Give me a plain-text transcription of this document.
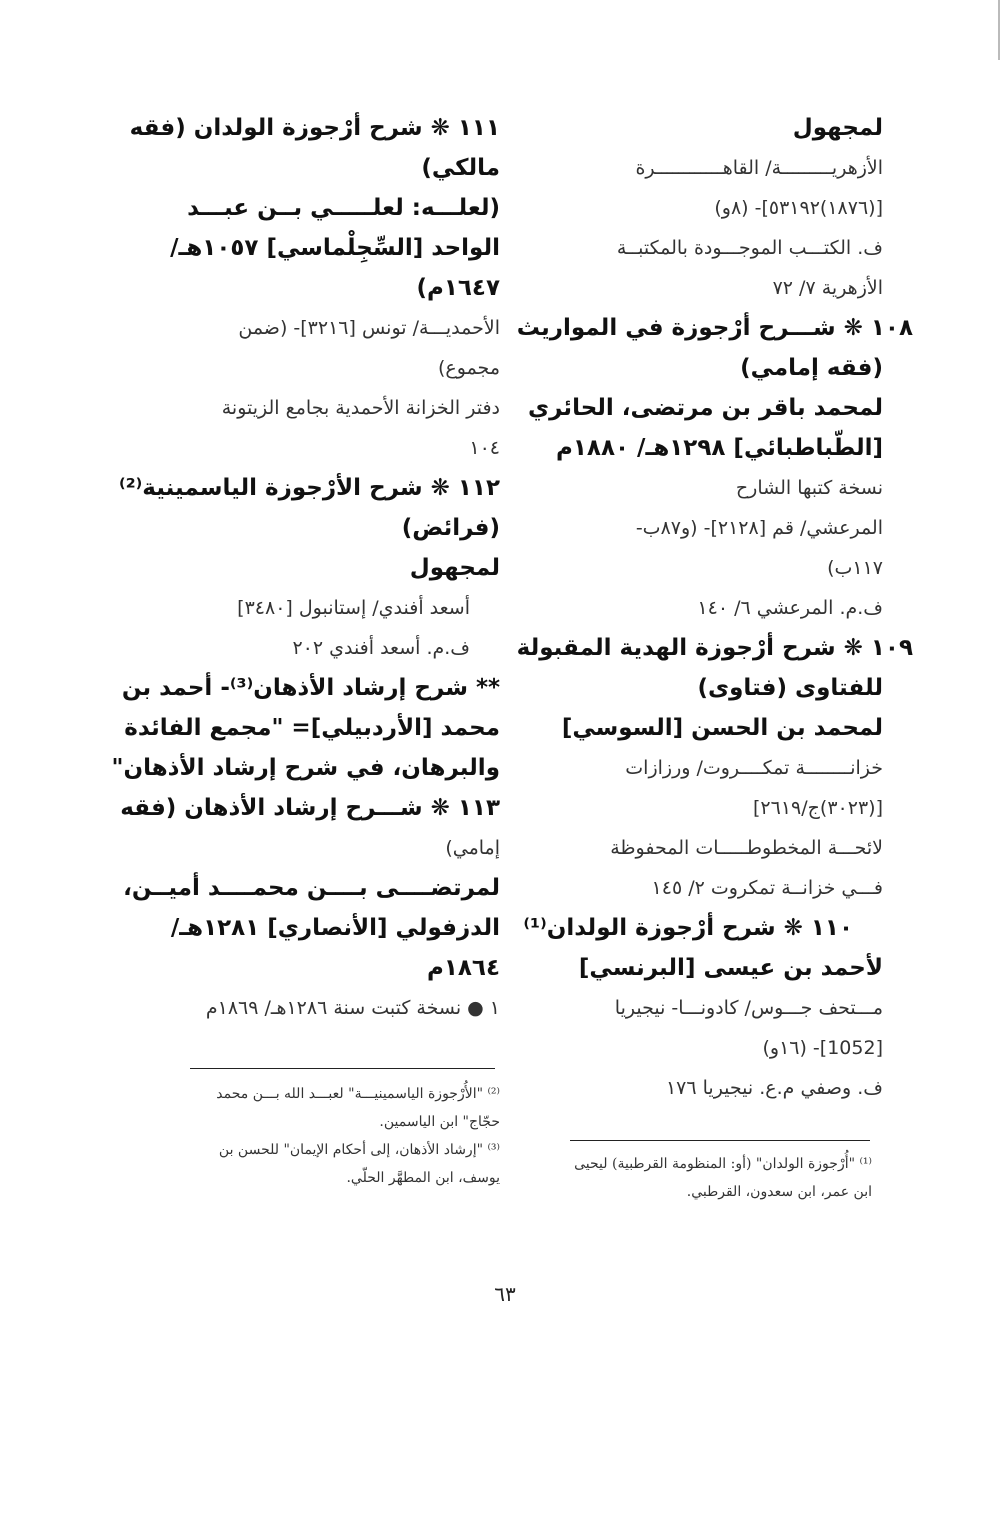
لمجهول
الأزهريـــــــــة/ القاهــــــــــــرة
[(١٨٧٦)٥٣١٩٢]- (٨و)
ف. الكتـــب الموجـــودة بالمكتبــة
الأزهرية ٧/ ٧٢
١٠٨ ❋ شـــرح أرْجوزة في المواريث
(فقه إمامي)
لمحمد باقر بن مرتضى، الحائري
[الطّباطبائي] ١٢٩٨هـ/ ١٨٨٠م
نسخة كتبها الشارح
المرعشي/ قم [٢١٢٨]- (و٨٧ب-
١١٧ب)
ف.م. المرعشي ٦/ ١٤٠
١٠٩ ❋ شرح أرْجوزة الهدية المقبولة
للفتاوى (فتاوى)
لمحمد بن الحسن [السوسي]
خزانــــــــة تمكــــروت/ ورزازات
[(٣٠٢٣)ج/٢٦١٩]
لائحـــة المخطوطـــــات المحفوظة
فـــي خزانــة تمكروت ٢/ ١٤٥
١١٠ ❋ شرح أرْجوزة الولدان⁽¹⁾
لأحمد بن عيسى [البرنسي]
مـــتحف جـــوس/ كادونـــا- نيجيريا
[1052]- (١٦و)
ف. وصفي م.ع. نيجيريا ١٧٦
١١١ ❋ شرح أرْجوزة الولدان (فقه
مالكي)
(لعلـــه: لعلـــــي بــن عبـــد
الواحد [السِّجِلْماسي] ١٠٥٧هـ/
١٦٤٧م)
الأحمديـــة/ تونس [٣٢١٦]- (ضمن
مجموع)
دفتر الخزانة الأحمدية بجامع الزيتونة
١٠٤
١١٢ ❋ شرح الأرْجوزة الياسمينية⁽²⁾
(فرائض)
لمجهول
أسعد أفندي/ إستانبول [٣٤٨٠]
ف.م. أسعد أفندي ٢٠٢
** شرح إرشاد الأذهان⁽³⁾- أحمد بن
محمد [الأردبيلي]= "مجمع الفائدة
والبرهان، في شرح إرشاد الأذهان"
١١٣ ❋ شـــرح إرشاد الأذهان (فقه
إمامي)
لمرتضــــى بــــن محمــــد أميــن،
الدزفولي [الأنصاري] ١٢٨١هـ/
١٨٦٤م
١ ● نسخة كتبت سنة ١٢٨٦هـ/ ١٨٦٩م
⁽²⁾ "الأُرْجوزة الياسمينيـــة" لعبـــد الله بـــن محمد
حجّاج" ابن الياسمين.
⁽³⁾ "إرشاد الأذهان، إلى أحكام الإيمان" للحسن بن
يوسف، ابن المطهَّر الحلّي.
⁽¹⁾ "أُرْجوزة الولدان" (أو: المنظومة القرطبية) ليحيى
ابن عمر، ابن سعدون، القرطبي.
٦٣
